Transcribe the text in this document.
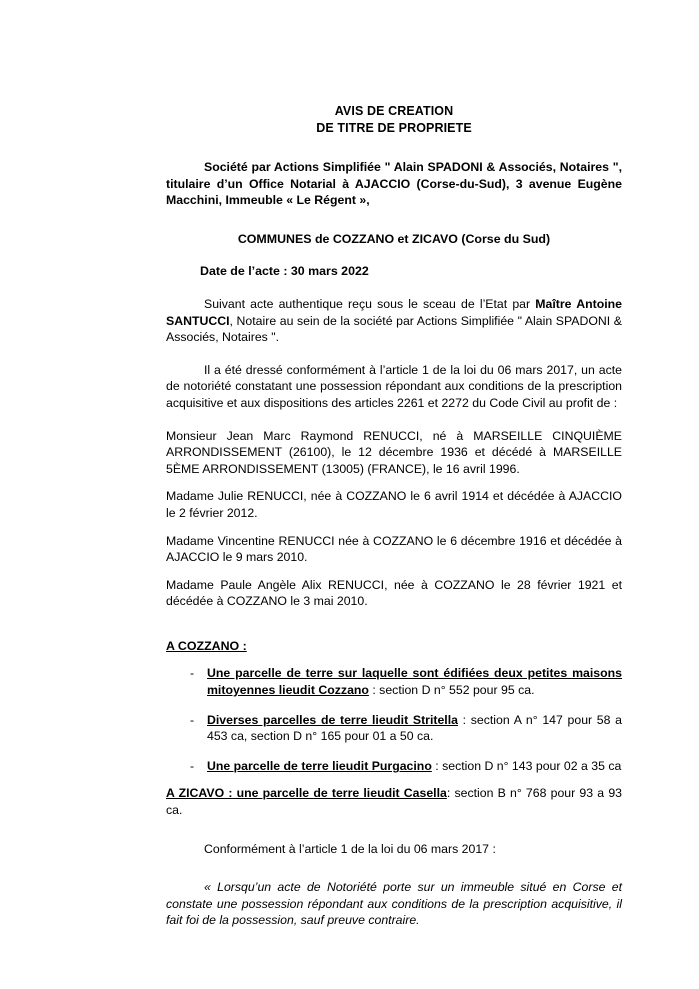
AVIS DE CREATION
DE TITRE DE PROPRIETE

Société par Actions Simplifiée " Alain SPADONI & Associés, Notaires ", titulaire d’un Office Notarial à AJACCIO (Corse-du-Sud), 3 avenue Eugène Macchini, Immeuble « Le Régent »,

COMMUNES de COZZANO et ZICAVO (Corse du Sud)

Date de l’acte : 30 mars 2022

Suivant acte authentique reçu sous le sceau de l’Etat par Maître Antoine SANTUCCI, Notaire au sein de la société par Actions Simplifiée " Alain SPADONI & Associés, Notaires ".

Il a été dressé conformément à l’article 1 de la loi du 06 mars 2017, un acte de notoriété constatant une possession répondant aux conditions de la prescription acquisitive et aux dispositions des articles 2261 et 2272 du Code Civil au profit de :

Monsieur Jean Marc Raymond RENUCCI, né à MARSEILLE CINQUIÈME ARRONDISSEMENT (26100), le 12 décembre 1936 et décédé à MARSEILLE 5ÈME ARRONDISSEMENT (13005) (FRANCE), le 16 avril 1996.

Madame Julie RENUCCI, née à COZZANO le 6 avril 1914 et décédée à AJACCIO le 2 février 2012.

Madame Vincentine RENUCCI née à COZZANO le 6 décembre 1916 et décédée à AJACCIO le 9 mars 2010.

Madame Paule Angèle Alix RENUCCI, née à COZZANO le 28 février 1921 et décédée à COZZANO le 3 mai 2010.

A COZZANO :

- Une parcelle de terre sur laquelle sont édifiées deux petites maisons mitoyennes lieudit Cozzano : section D n° 552 pour 95 ca.
- Diverses parcelles de terre lieudit Stritella : section A n° 147 pour 58 a 453 ca, section D n° 165 pour 01 a 50 ca.
- Une parcelle de terre lieudit Purgacino : section D n° 143 pour 02 a 35 ca

A ZICAVO : une parcelle de terre lieudit Casella: section B n° 768 pour 93 a 93 ca.

Conformément à l’article 1 de la loi du 06 mars 2017 :

« Lorsqu’un acte de Notoriété porte sur un immeuble situé en Corse et constate une possession répondant aux conditions de la prescription acquisitive, il fait foi de la possession, sauf preuve contraire.
